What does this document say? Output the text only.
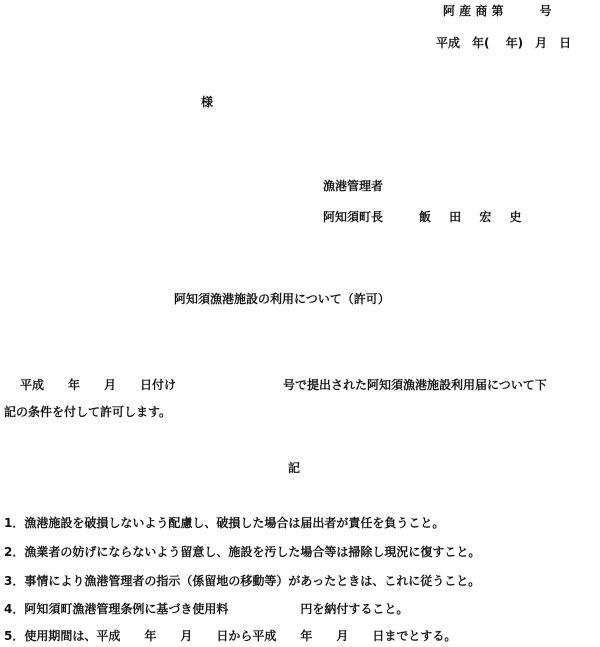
阿 産 商 第　　　号
平成　年(　 年)　月　日
様
漁港管理者
阿知須町長	飯 田 宏 史
阿知須漁港施設の利用について（許可）
平成　　年　　月　　日付け	号で提出された阿知須漁港施設利用届について下
記の条件を付して許可します。
記
1．漁港施設を破損しないよう配慮し、破損した場合は届出者が責任を負うこと。
2．漁業者の妨げにならないよう留意し、施設を汚した場合等は掃除し現況に復すこと。
3．事情により漁港管理者の指示（係留地の移動等）があったときは、これに従うこと。
4．阿知須町漁港管理条例に基づき使用料　　　　　　円を納付すること。
5．使用期間は、平成　　年　　月　　日から平成　　年　　月　　日までとする。
